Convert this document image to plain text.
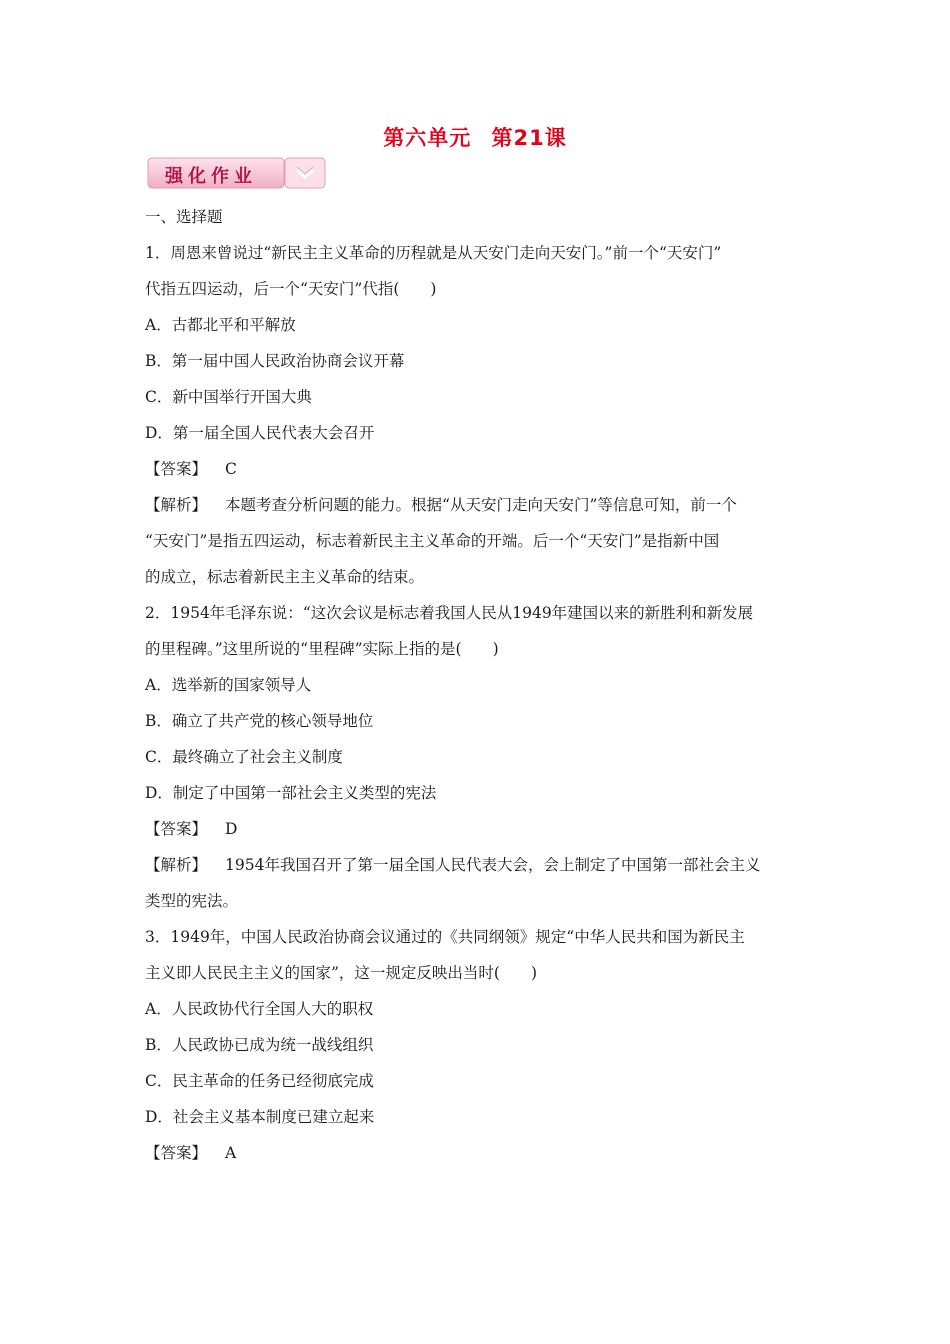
第六单元 第21课
强化作业

一、选择题

1．周恩来曾说过“新民主主义革命的历程就是从天安门走向天安门。”前一个“天安门”

代指五四运动，后一个“天安门”代指(　　)

A．古都北平和平解放

B．第一届中国人民政治协商会议开幕

C．新中国举行开国大典

D．第一届全国人民代表大会召开

【答案】 C

【解析】 本题考查分析问题的能力。根据“从天安门走向天安门”等信息可知，前一个

“天安门”是指五四运动，标志着新民主主义革命的开端。后一个“天安门”是指新中国

的成立，标志着新民主主义革命的结束。

2．1954年毛泽东说：“这次会议是标志着我国人民从1949年建国以来的新胜利和新发展

的里程碑。”这里所说的“里程碑”实际上指的是(　　)

A．选举新的国家领导人

B．确立了共产党的核心领导地位

C．最终确立了社会主义制度

D．制定了中国第一部社会主义类型的宪法

【答案】 D

【解析】 1954年我国召开了第一届全国人民代表大会，会上制定了中国第一部社会主义

类型的宪法。

3．1949年，中国人民政治协商会议通过的《共同纲领》规定“中华人民共和国为新民主

主义即人民民主主义的国家”，这一规定反映出当时(　　)

A．人民政协代行全国人大的职权

B．人民政协已成为统一战线组织

C．民主革命的任务已经彻底完成

D．社会主义基本制度已建立起来

【答案】 A
